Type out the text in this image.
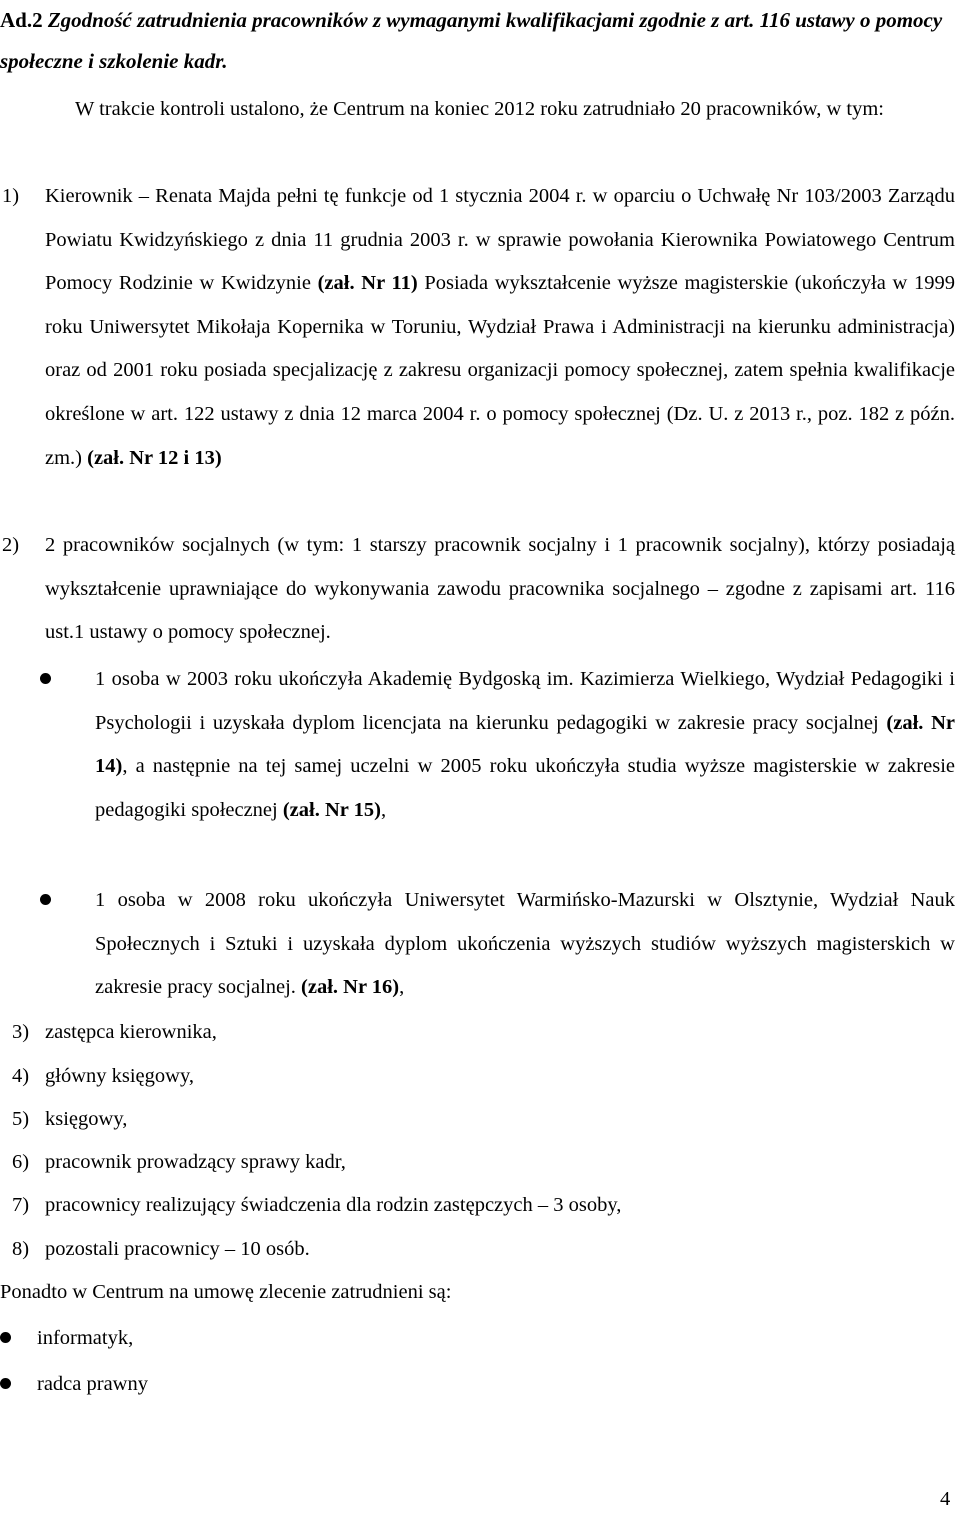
Ad.2 Zgodność zatrudnienia pracowników z wymaganymi kwalifikacjami zgodnie z art. 116 ustawy o pomocy społeczne i szkolenie kadr.
W trakcie kontroli ustalono, że Centrum na koniec 2012 roku zatrudniało 20 pracowników, w tym:
1) Kierownik – Renata Majda pełni tę funkcje od 1 stycznia 2004 r. w oparciu o Uchwałę Nr 103/2003 Zarządu Powiatu Kwidzyńskiego z dnia 11 grudnia 2003 r. w sprawie powołania Kierownika Powiatowego Centrum Pomocy Rodzinie w Kwidzynie (zał. Nr 11) Posiada wykształcenie wyższe magisterskie (ukończyła w 1999 roku Uniwersytet Mikołaja Kopernika w Toruniu, Wydział Prawa i Administracji na kierunku administracja) oraz od 2001 roku posiada specjalizację z zakresu organizacji pomocy społecznej, zatem spełnia kwalifikacje określone w art. 122 ustawy z dnia 12 marca 2004 r. o pomocy społecznej (Dz. U. z 2013 r., poz. 182 z późn. zm.) (zał. Nr 12 i 13)
2) 2 pracowników socjalnych (w tym: 1 starszy pracownik socjalny i 1 pracownik socjalny), którzy posiadają wykształcenie uprawniające do wykonywania zawodu pracownika socjalnego – zgodne z zapisami art. 116 ust.1 ustawy o pomocy społecznej.
1 osoba w 2003 roku ukończyła Akademię Bydgoską im. Kazimierza Wielkiego, Wydział Pedagogiki i Psychologii i uzyskała dyplom licencjata na kierunku pedagogiki w zakresie pracy socjalnej (zał. Nr 14), a następnie na tej samej uczelni w 2005 roku ukończyła studia wyższe magisterskie w zakresie pedagogiki społecznej (zał. Nr 15),
1 osoba w 2008 roku ukończyła Uniwersytet Warmińsko-Mazurski w Olsztynie, Wydział Nauk Społecznych i Sztuki i uzyskała dyplom ukończenia wyższych studiów wyższych magisterskich w zakresie pracy socjalnej. (zał. Nr 16),
3) zastępca kierownika,
4) główny księgowy,
5) księgowy,
6) pracownik prowadzący sprawy kadr,
7) pracownicy realizujący świadczenia dla rodzin zastępczych – 3 osoby,
8) pozostali pracownicy – 10 osób.
Ponadto w Centrum na umowę zlecenie zatrudnieni są:
informatyk,
radca prawny
4
